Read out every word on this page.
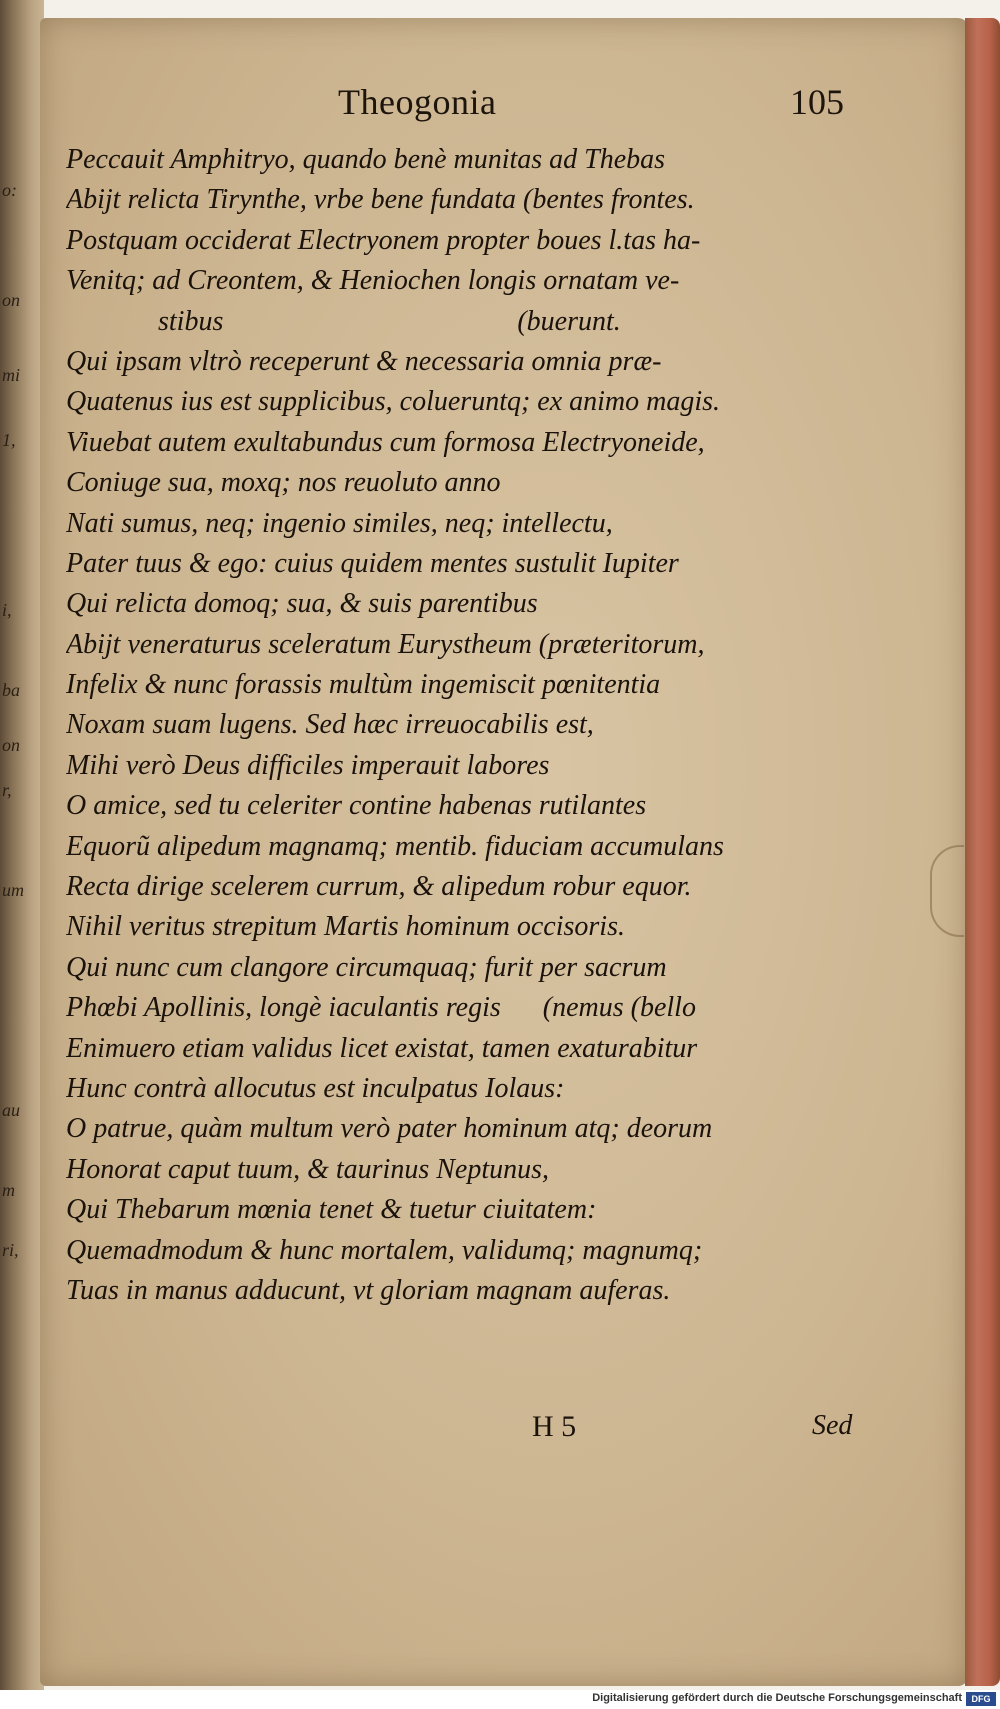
o:
on
mi
1,
i,
ba
on
r,
um
au
m
ri,
Theogonia	105
Peccauit Amphitryo, quando benè munitas ad Thebas
Abijt relicta Tirynthe, vrbe bene fundata (bentes frontes.
Postquam occiderat Electryonem propter boues l.tas ha-
Venitq; ad Creontem, & Heniochen longis ornatam ve-
stibus                                          (buerunt.
Qui ipsam vltrò receperunt & necessaria omnia præ-
Quatenus ius est supplicibus, colueruntq; ex animo magis.
Viuebat autem exultabundus cum formosa Electryoneide,
Coniuge sua, moxq; nos reuoluto anno
Nati sumus, neq; ingenio similes, neq; intellectu,
Pater tuus & ego: cuius quidem mentes sustulit Iupiter
Qui relicta domoq; sua, & suis parentibus
Abijt veneraturus sceleratum Eurystheum (præteritorum,
Infelix & nunc forassis multùm ingemiscit pœnitentia
Noxam suam lugens. Sed hæc irreuocabilis est,
Mihi verò Deus difficiles imperauit labores
O amice, sed tu celeriter contine habenas rutilantes
Equorũ alipedum magnamq; mentib. fiduciam accumulans
Recta dirige scelerem currum, & alipedum robur equor.
Nihil veritus strepitum Martis hominum occisoris.
Qui nunc cum clangore circumquaq; furit per sacrum
Phœbi Apollinis, longè iaculantis regis      (nemus (bello
Enimuero etiam validus licet existat, tamen exaturabitur
Hunc contrà allocutus est inculpatus Iolaus:
O patrue, quàm multum verò pater hominum atq; deorum
Honorat caput tuum, & taurinus Neptunus,
Qui Thebarum mœnia tenet & tuetur ciuitatem:
Quemadmodum & hunc mortalem, validumq; magnumq;
Tuas in manus adducunt, vt gloriam magnam auferas.
H 5	Sed
Digitalisierung gefördert durch die Deutsche Forschungsgemeinschaft	DFG
